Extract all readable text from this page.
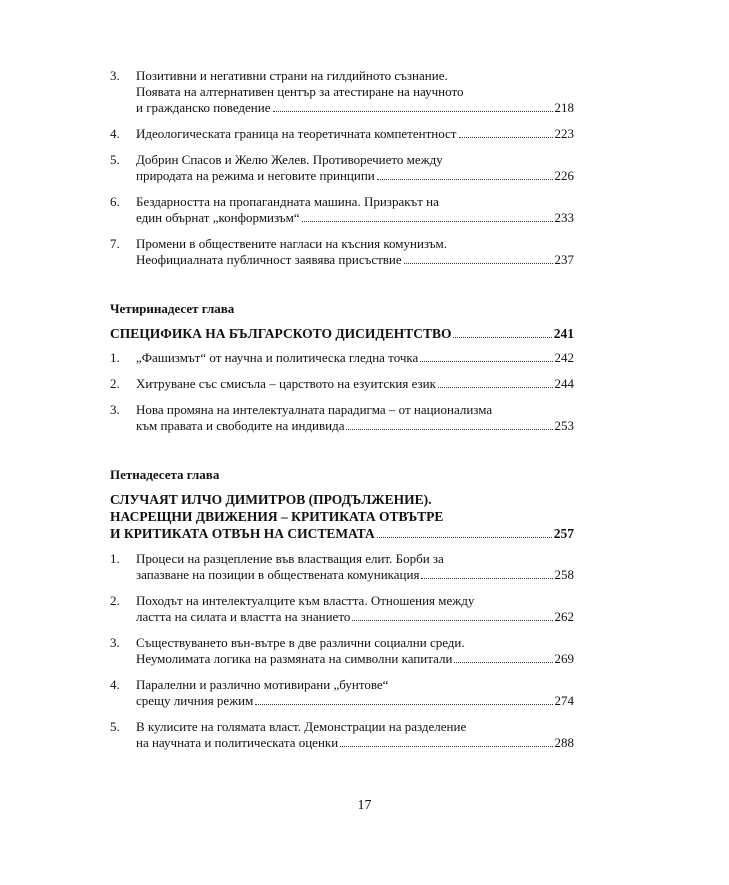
3.	Позитивни и негативни страни на гилдийното съзнание.
Появата на алтернативен център за атестиране на научното
и гражданско поведение	218
4.	Идеологическата граница на теоретичната компетентност	223
5.	Добрин Спасов и Желю Желев. Противоречието между
природата на режима и неговите принципи	226
6.	Бездарността на пропагандната машина. Призракът на
един обърнат „конформизъм“	233
7.	Промени в обществените нагласи на късния комунизъм.
Неофициалната публичност заявява присъствие	237
Четиринадесет глава
СПЕЦИФИКА НА БЪЛГАРСКОТО ДИСИДЕНТСТВО	241
1.	„Фашизмът“ от научна и политическа гледна точка	242
2.	Хитруване със смисъла – царството на езуитския език	244
3.	Нова промяна на интелектуалната парадигма – от национализма
към правата и свободите на индивида	253
Петнадесета глава
СЛУЧАЯТ ИЛЧО ДИМИТРОВ (ПРОДЪЛЖЕНИЕ).
НАСРЕЩНИ ДВИЖЕНИЯ – КРИТИКАТА ОТВЪТРЕ
И КРИТИКАТА ОТВЪН НА СИСТЕМАТА	257
1.	Процеси на разцепление във властващия елит. Борби за
запазване на позиции в обществената комуникация	258
2.	Походът на интелектуалците към властта. Отношения между
ластта на силата и властта на знанието	262
3.	Съществуването вън-вътре в две различни социални среди.
Неумолимата логика на размяната на символни капитали	269
4.	Паралелни и различно мотивирани „бунтове“
срещу личния режим	274
5.	В кулисите на голямата власт. Демонстрации на разделение
на научната и политическата оценки	288
17
